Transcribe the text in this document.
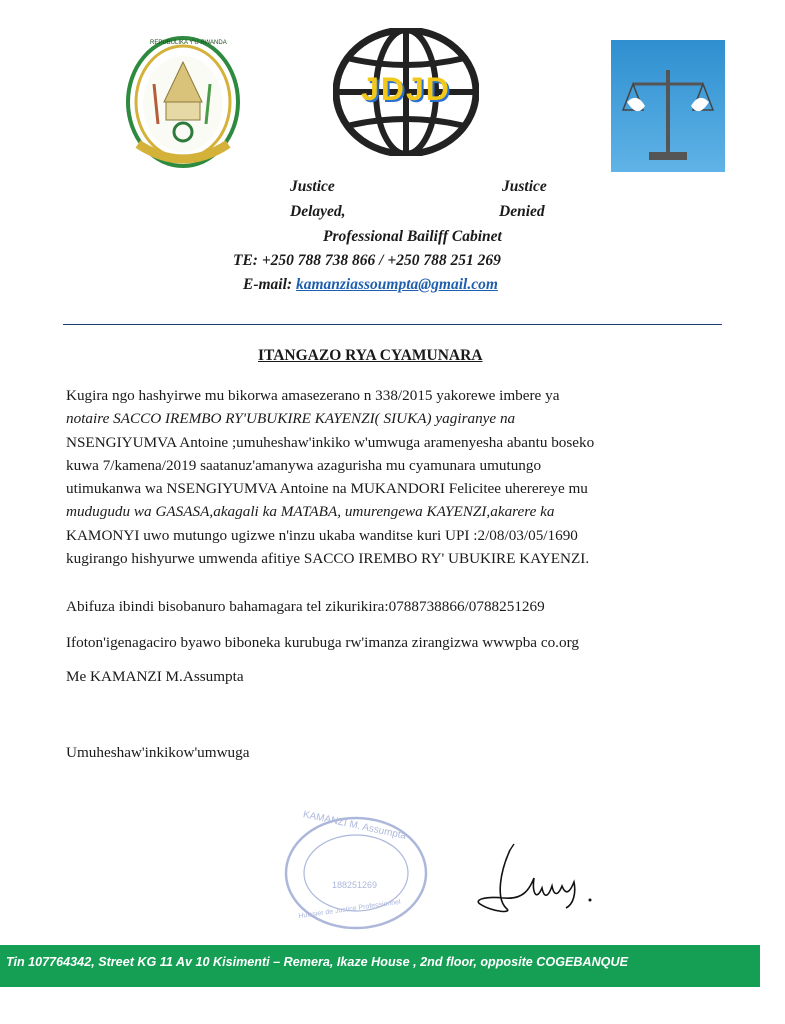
REPUBULIKA Y'U RWANDA
JDJD
Justice
Delayed,
Justice
Denied
Professional Bailiff Cabinet
TE: +250 788 738 866 / +250 788 251 269
E-mail: kamanziassoumpta@gmail.com
ITANGAZO RYA CYAMUNARA

Kugira ngo hashyirwe mu bikorwa amasezerano n 338/2015 yakorewe imbere ya

notaire SACCO IREMBO RY'UBUKIRE KAYENZI( SIUKA) yagiranye na

NSENGIYUMVA Antoine ;umuheshaw'inkiko w'umwuga aramenyesha abantu boseko

kuwa 7/kamena/2019 saatanuz'amanywa azagurisha mu cyamunara umutungo

utimukanwa wa NSENGIYUMVA Antoine na MUKANDORI Felicitee uherereye mu

mudugudu wa GASASA,akagali ka MATABA, umurengewa KAYENZI,akarere ka

KAMONYI uwo mutungo ugizwe n'inzu ukaba wanditse kuri UPI :2/08/03/05/1690

kugirango hishyurwe umwenda afitiye SACCO IREMBO RY' UBUKIRE KAYENZI.

Abifuza ibindi bisobanuro bahamagara tel zikurikira:0788738866/0788251269
Ifoton'igenagaciro byawo biboneka kurubuga rw'imanza zirangizwa wwwpba co.org
Me KAMANZI M.Assumpta
Umuheshaw'inkikow'umwuga
KAMANZI M. Assumpta
188251269
Huissier de Justice Professionnel
Tin 107764342, Street KG 11 Av 10 Kisimenti – Remera, Ikaze House , 2nd floor, opposite COGEBANQUE
